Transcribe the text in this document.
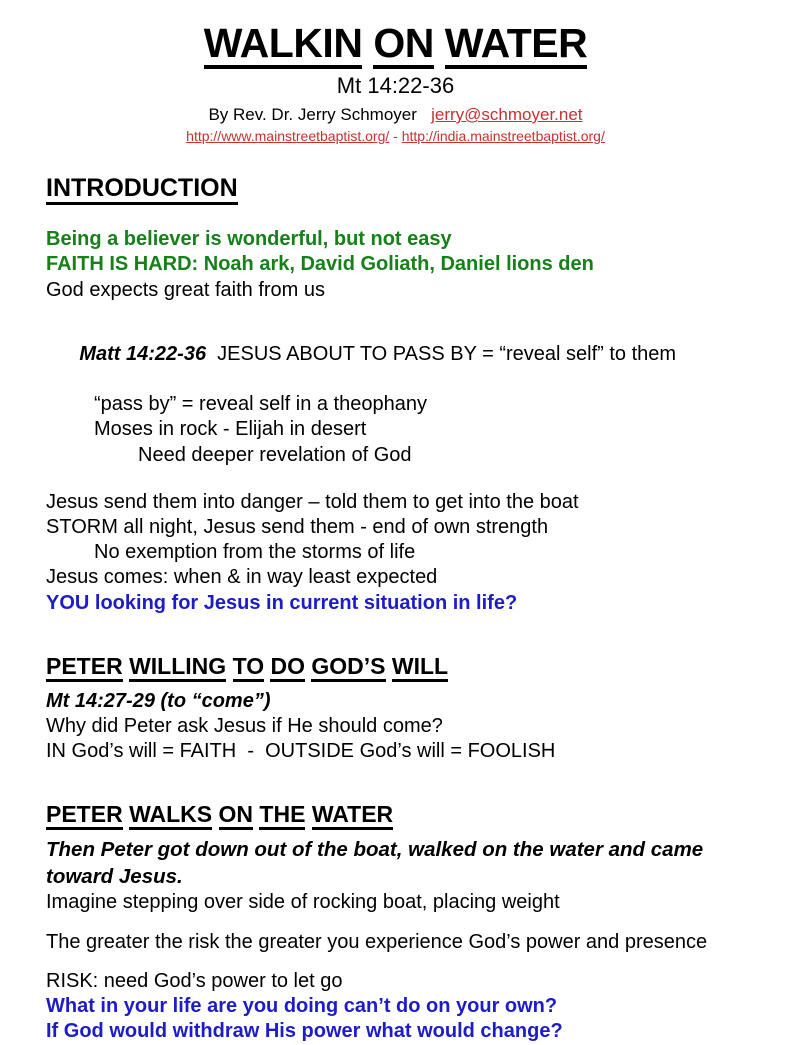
WALKIN ON WATER
Mt 14:22-36
By Rev. Dr. Jerry Schmoyer jerry@schmoyer.net
http://www.mainstreetbaptist.org/ - http://india.mainstreetbaptist.org/
INTRODUCTION

Being a believer is wonderful, but not easy

FAITH IS HARD: Noah ark, David Goliath, Daniel lions den

God expects great faith from us

Matt 14:22-36  JESUS ABOUT TO PASS BY = “reveal self” to them

“pass by” = reveal self in a theophany

Moses in rock - Elijah in desert

Need deeper revelation of God

Jesus send them into danger – told them to get into the boat

STORM all night, Jesus send them - end of own strength

No exemption from the storms of life

Jesus comes: when & in way least expected

YOU looking for Jesus in current situation in life?

PETER WILLING TO DO GOD’S WILL

Mt 14:27-29 (to “come”)

Why did Peter ask Jesus if He should come?

IN God’s will = FAITH  -  OUTSIDE God’s will = FOOLISH

PETER WALKS ON THE WATER

Then Peter got down out of the boat, walked on the water and came toward Jesus.

Imagine stepping over side of rocking boat, placing weight

The greater the risk the greater you experience God’s power and presence

RISK: need God’s power to let go

What in your life are you doing can’t do on your own?

If God would withdraw His power what would change?
